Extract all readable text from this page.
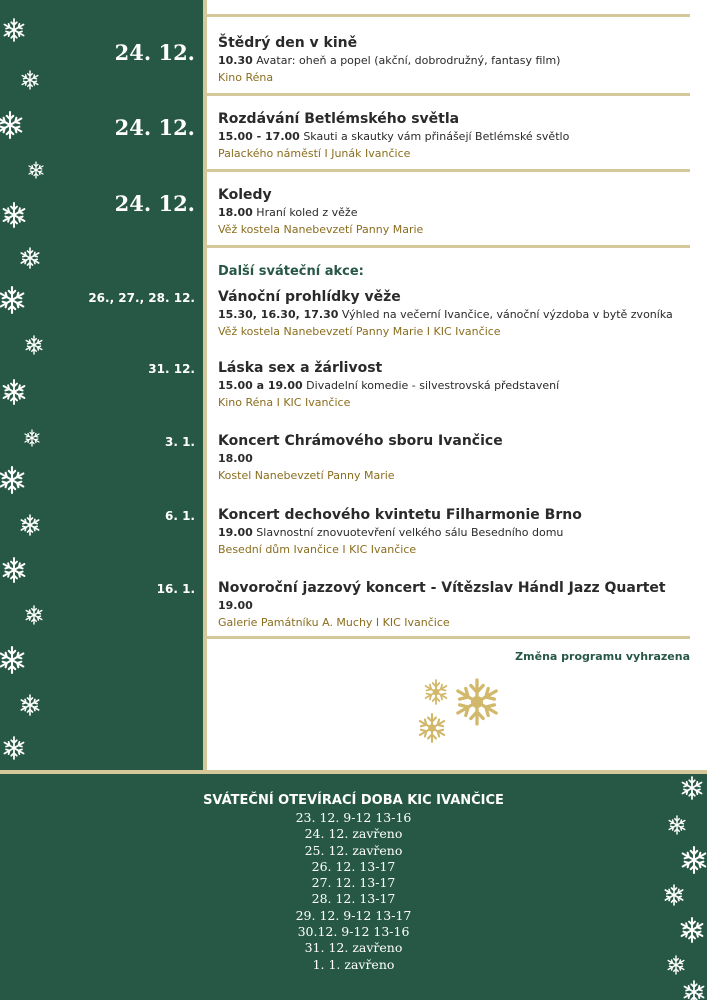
24. 12. Štědrý den v kině
10.30 Avatar: oheň a popel (akční, dobrodružný, fantasy film)
Kino Réna
24. 12. Rozdávání Betlémského světla
15.00 - 17.00 Skauti a skautky vám přinášejí Betlémské světlo
Palackého náměstí I Junák Ivančice
24. 12. Koledy
18.00 Hraní koled z věže
Věž kostela Nanebevzetí Panny Marie
Další sváteční akce:
26., 27., 28. 12. Vánoční prohlídky věže
15.30, 16.30, 17.30 Výhled na večerní Ivančice, vánoční výzdoba v bytě zvoníka
Věž kostela Nanebevzetí Panny Marie I KIC Ivančice
31. 12. Láska sex a žárlivost
15.00 a 19.00 Divadelní komedie - silvestrovská představení
Kino Réna I KIC Ivančice
3. 1. Koncert Chrámového sboru Ivančice
18.00
Kostel Nanebevzetí Panny Marie
6. 1. Koncert dechového kvintetu Filharmonie Brno
19.00 Slavnostní znovuotevření velkého sálu Besedního domu
Besední dům Ivančice I KIC Ivančice
16. 1. Novoroční jazzový koncert - Vítězslav Hándl Jazz Quartet
19.00
Galerie Památníku A. Muchy I KIC Ivančice
Změna programu vyhrazena
SVÁTEČNÍ OTEVÍRACÍ DOBA KIC IVANČICE
23. 12. 9-12 13-16
24. 12. zavřeno
25. 12. zavřeno
26. 12. 13-17
27. 12. 13-17
28. 12. 13-17
29. 12. 9-12 13-17
30.12. 9-12 13-16
31. 12. zavřeno
1. 1. zavřeno
